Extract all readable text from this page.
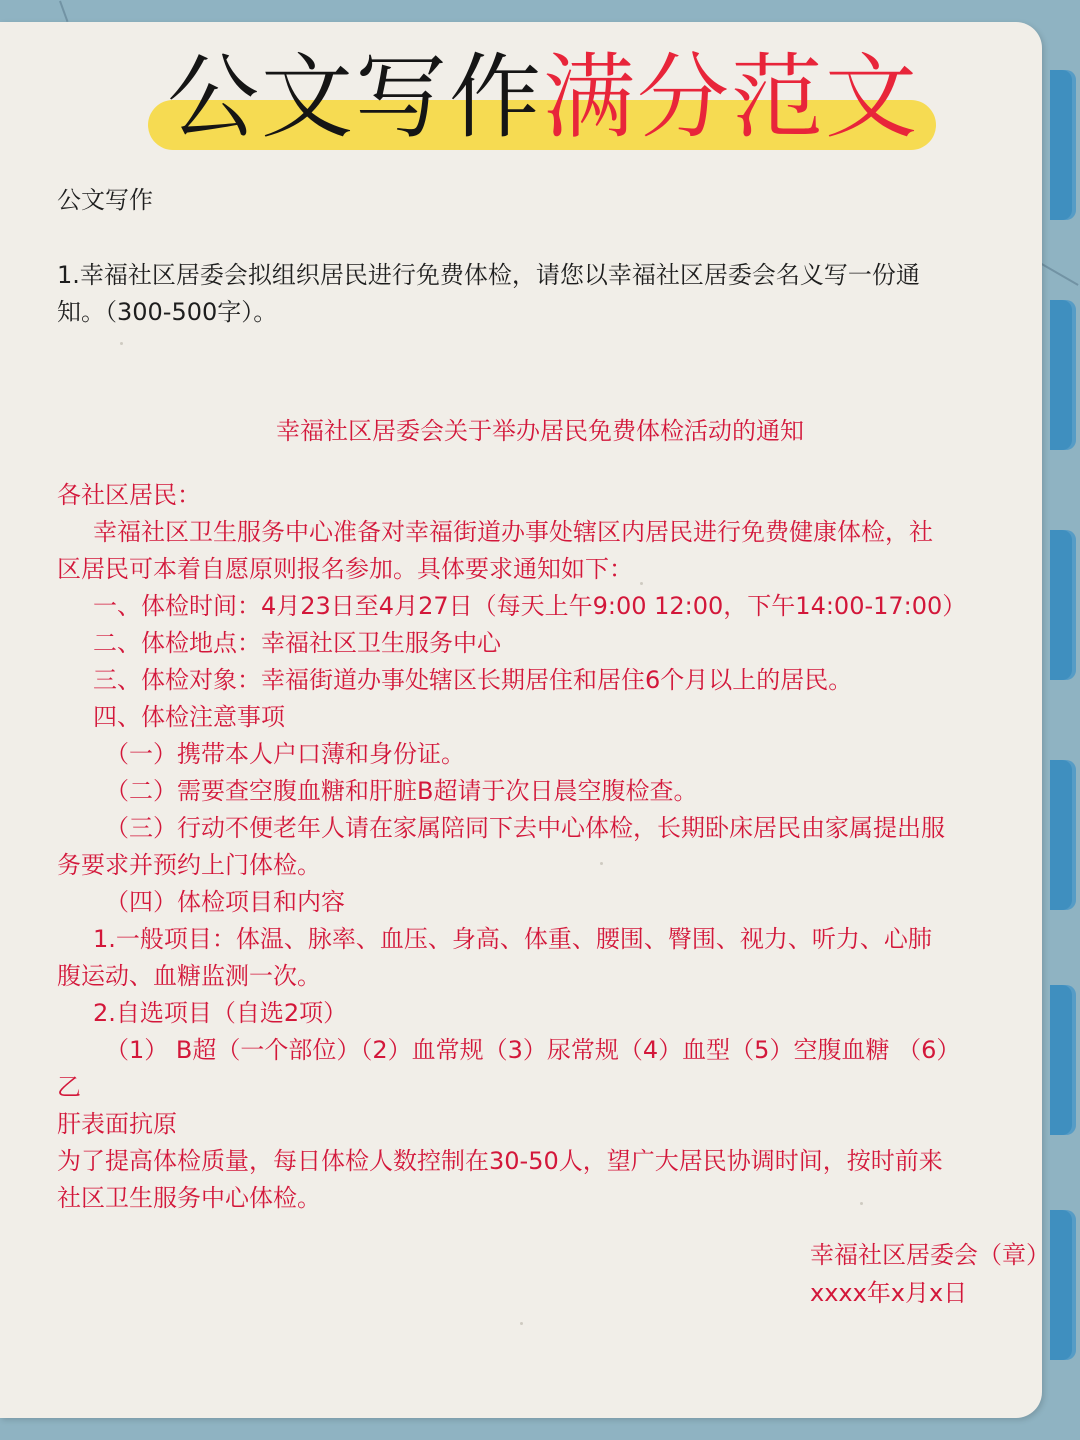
公文写作满分范文
公文写作
1.幸福社区居委会拟组织居民进行免费体检，请您以幸福社区居委会名义写一份通
知。（300-500字）。
幸福社区居委会关于举办居民免费体检活动的通知
各社区居民：
幸福社区卫生服务中心准备对幸福街道办事处辖区内居民进行免费健康体检，社
区居民可本着自愿原则报名参加。具体要求通知如下：
一、体检时间：4月23日至4月27日（每天上午9:00 12:00，下午14:00-17:00）
二、体检地点：幸福社区卫生服务中心
三、体检对象：幸福街道办事处辖区长期居住和居住6个月以上的居民。
四、体检注意事项
（一）携带本人户口薄和身份证。
（二）需要查空腹血糖和肝脏B超请于次日晨空腹检查。
（三）行动不便老年人请在家属陪同下去中心体检，长期卧床居民由家属提出服
务要求并预约上门体检。
（四）体检项目和内容
1.一般项目：体温、脉率、血压、身高、体重、腰围、臀围、视力、听力、心肺
腹运动、血糖监测一次。
2.自选项目（自选2项）
（1） B超（一个部位）（2）血常规（3）尿常规（4）血型（5）空腹血糖 （6）
乙
肝表面抗原
为了提高体检质量，每日体检人数控制在30-50人，望广大居民协调时间，按时前来
社区卫生服务中心体检。
幸福社区居委会（章）
xxxx年x月x日
